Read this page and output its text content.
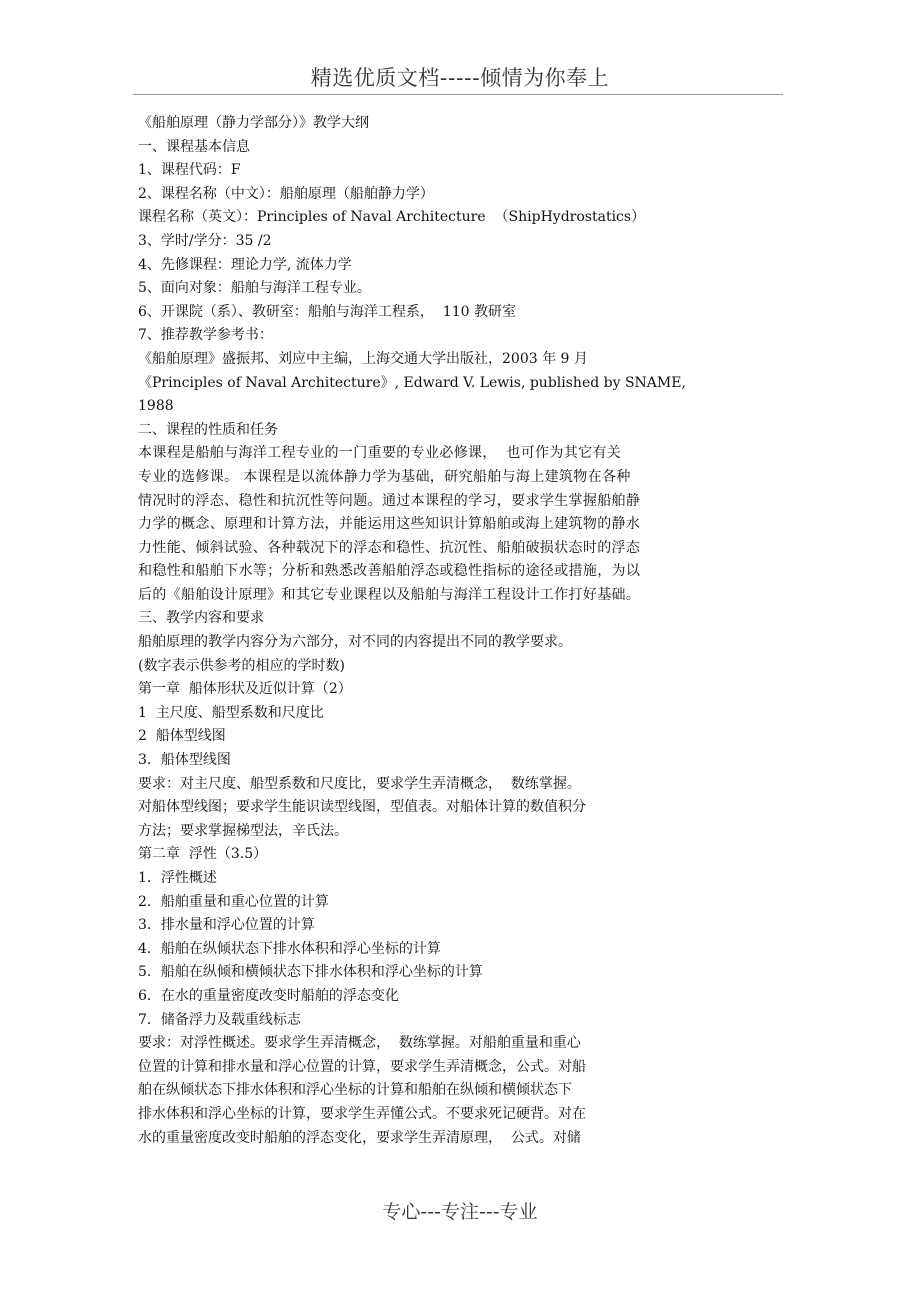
精选优质文档-----倾情为你奉上
《船舶原理（静力学部分）》教学大纲
一、课程基本信息
1、课程代码：F
2、课程名称（中文）：船舶原理（船舶静力学）
课程名称（英文）：Principles of Naval Architecture  （ShipHydrostatics）
3、学时/学分：35 /2
4、先修课程：理论力学, 流体力学
5、面向对象：船舶与海洋工程专业。
6、开课院（系）、教研室：船舶与海洋工程系，  110 教研室
7、推荐教学参考书：
《船舶原理》盛振邦、刘应中主编，上海交通大学出版社，2003 年 9 月
《Principles of Naval Architecture》, Edward V. Lewis, published by SNAME,
1988
二、课程的性质和任务
本课程是船舶与海洋工程专业的一门重要的专业必修课，  也可作为其它有关
专业的选修课。 本课程是以流体静力学为基础，研究船舶与海上建筑物在各种
情况时的浮态、稳性和抗沉性等问题。通过本课程的学习，要求学生掌握船舶静
力学的概念、原理和计算方法，并能运用这些知识计算船舶或海上建筑物的静水
力性能、倾斜试验、各种载况下的浮态和稳性、抗沉性、船舶破损状态时的浮态
和稳性和船舶下水等；分析和熟悉改善船舶浮态或稳性指标的途径或措施，为以
后的《船舶设计原理》和其它专业课程以及船舶与海洋工程设计工作打好基础。
三、教学内容和要求
船舶原理的教学内容分为六部分，对不同的内容提出不同的教学要求。
(数字表示供参考的相应的学时数)
第一章  船体形状及近似计算（2）
1  主尺度、船型系数和尺度比
2  船体型线图
3．船体型线图
要求：对主尺度、船型系数和尺度比，要求学生弄清概念，  数练掌握。
对船体型线图；要求学生能识读型线图，型值表。对船体计算的数值积分
方法；要求掌握梯型法，辛氏法。
第二章  浮性（3.5）
1．浮性概述
2．船舶重量和重心位置的计算
3．排水量和浮心位置的计算
4．船舶在纵倾状态下排水体积和浮心坐标的计算
5．船舶在纵倾和横倾状态下排水体积和浮心坐标的计算
6．在水的重量密度改变时船舶的浮态变化
7．储备浮力及载重线标志
要求：对浮性概述。要求学生弄清概念，  数练掌握。对船舶重量和重心
位置的计算和排水量和浮心位置的计算，要求学生弄清概念，公式。对船
舶在纵倾状态下排水体积和浮心坐标的计算和船舶在纵倾和横倾状态下
排水体积和浮心坐标的计算，要求学生弄懂公式。不要求死记硬背。对在
水的重量密度改变时船舶的浮态变化，要求学生弄清原理，  公式。对储
专心---专注---专业
